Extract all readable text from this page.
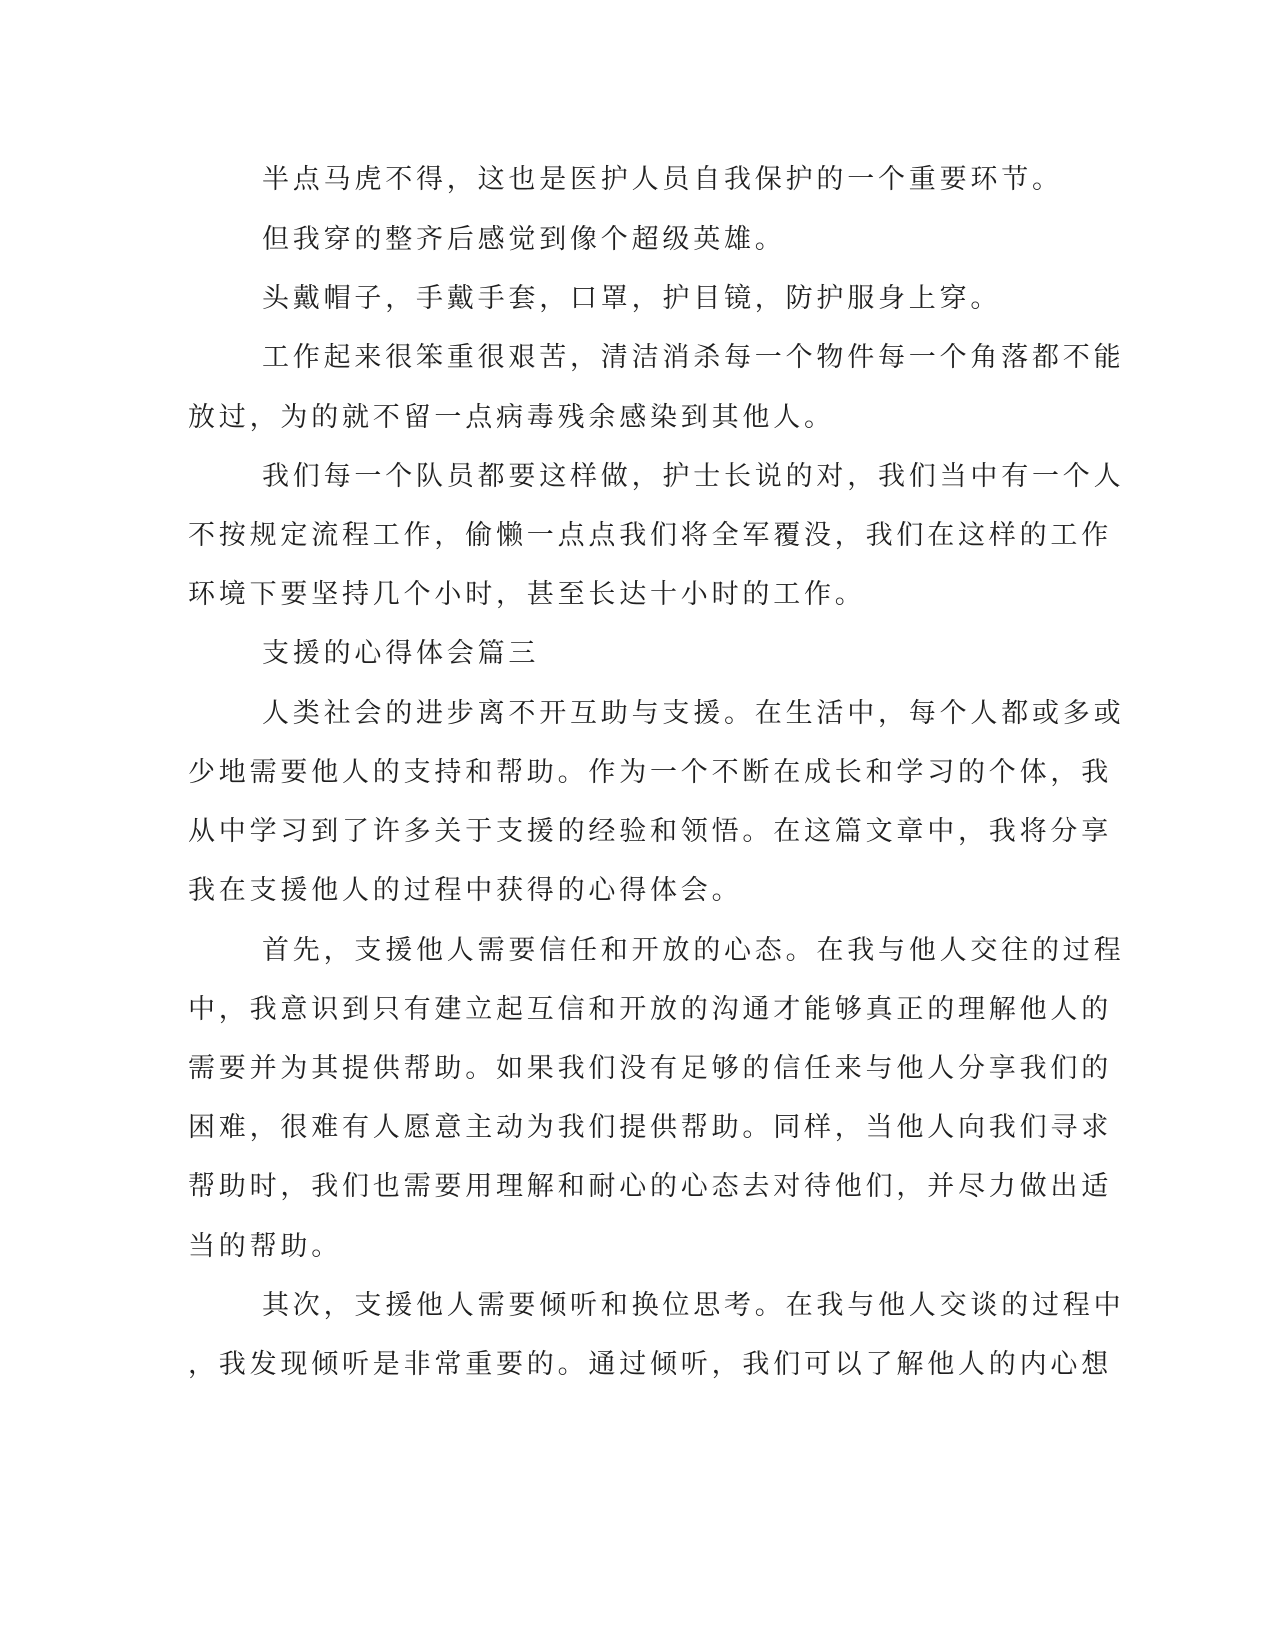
半点马虎不得，这也是医护人员自我保护的一个重要环节。

但我穿的整齐后感觉到像个超级英雄。

头戴帽子，手戴手套，口罩，护目镜，防护服身上穿。

工作起来很笨重很艰苦，清洁消杀每一个物件每一个角落都不能

放过，为的就不留一点病毒残余感染到其他人。

我们每一个队员都要这样做，护士长说的对，我们当中有一个人

不按规定流程工作，偷懒一点点我们将全军覆没，我们在这样的工作

环境下要坚持几个小时，甚至长达十小时的工作。

支援的心得体会篇三

人类社会的进步离不开互助与支援。在生活中，每个人都或多或

少地需要他人的支持和帮助。作为一个不断在成长和学习的个体，我

从中学习到了许多关于支援的经验和领悟。在这篇文章中，我将分享

我在支援他人的过程中获得的心得体会。

首先，支援他人需要信任和开放的心态。在我与他人交往的过程

中，我意识到只有建立起互信和开放的沟通才能够真正的理解他人的

需要并为其提供帮助。如果我们没有足够的信任来与他人分享我们的

困难，很难有人愿意主动为我们提供帮助。同样，当他人向我们寻求

帮助时，我们也需要用理解和耐心的心态去对待他们，并尽力做出适

当的帮助。

其次，支援他人需要倾听和换位思考。在我与他人交谈的过程中

，我发现倾听是非常重要的。通过倾听，我们可以了解他人的内心想
